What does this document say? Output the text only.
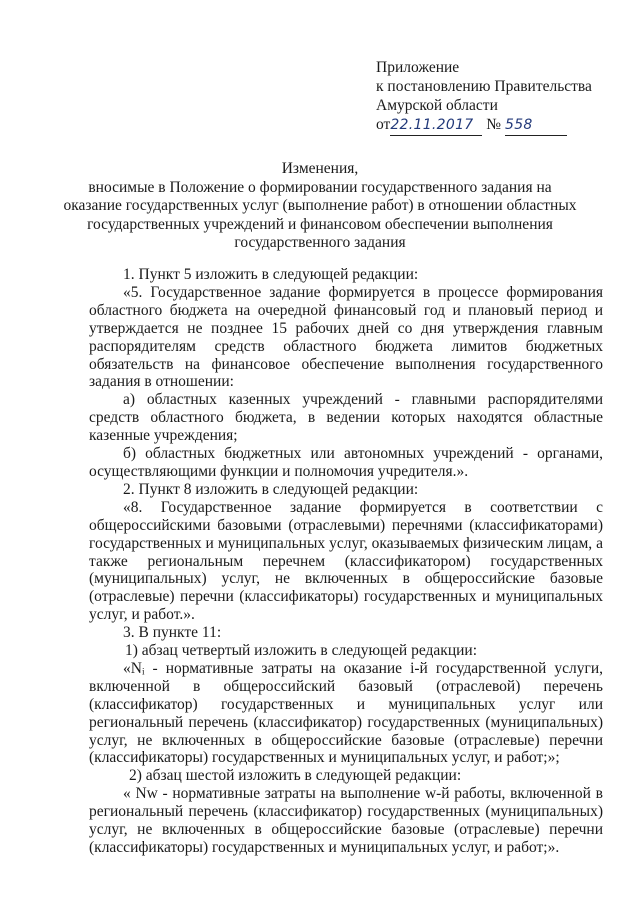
Приложение
к постановлению Правительства
Амурской области
от22.11.2017 № 558
Изменения,
вносимые в Положение о формировании государственного задания на оказание государственных услуг (выполнение работ) в отношении областных государственных учреждений и финансовом обеспечении выполнения государственного задания

1. Пункт 5 изложить в следующей редакции:

«5. Государственное задание формируется в процессе формирования областного бюджета на очередной финансовый год и плановый период и утверждается не позднее 15 рабочих дней со дня утверждения главным распорядителям средств областного бюджета лимитов бюджетных обязательств на финансовое обеспечение выполнения государственного задания в отношении:

а) областных казенных учреждений - главными распорядителями средств областного бюджета, в ведении которых находятся областные казенные учреждения;

б) областных бюджетных или автономных учреждений - органами, осуществляющими функции и полномочия учредителя.».

2. Пункт 8 изложить в следующей редакции:

«8. Государственное задание формируется в соответствии с общероссийскими базовыми (отраслевыми) перечнями (классификаторами) государственных и муниципальных услуг, оказываемых физическим лицам, а также региональным перечнем (классификатором) государственных (муниципальных) услуг, не включенных в общероссийские базовые (отраслевые) перечни (классификаторы) государственных и муниципальных услуг, и работ.».

3. В пункте 11:

1) абзац четвертый изложить в следующей редакции:

«Nᵢ - нормативные затраты на оказание i-й государственной услуги, включенной в общероссийский базовый (отраслевой) перечень (классификатор) государственных и муниципальных услуг или региональный перечень (классификатор) государственных (муниципальных) услуг, не включенных в общероссийские базовые (отраслевые) перечни (классификаторы) государственных и муниципальных услуг, и работ;»;

2) абзац шестой изложить в следующей редакции:

« Nw - нормативные затраты на выполнение w-й работы, включенной в региональный перечень (классификатор) государственных (муниципальных) услуг, не включенных в общероссийские базовые (отраслевые) перечни (классификаторы) государственных и муниципальных услуг, и работ;».
